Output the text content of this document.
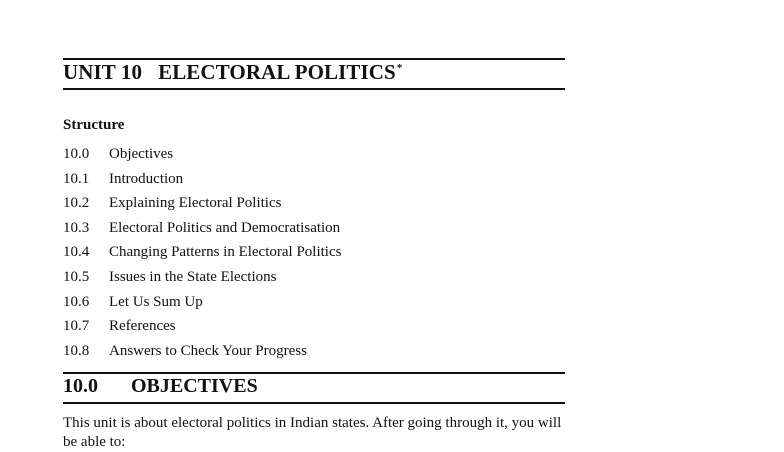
UNIT 10 ELECTORAL POLITICS*
Structure
10.0	Objectives
10.1	Introduction
10.2	Explaining Electoral Politics
10.3	Electoral Politics and Democratisation
10.4	Changing Patterns in Electoral Politics
10.5	Issues in the State Elections
10.6	Let Us Sum Up
10.7	References
10.8	Answers to Check Your Progress
10.0 OBJECTIVES

This unit is about electoral politics in Indian states. After going through it, you will be able to:
